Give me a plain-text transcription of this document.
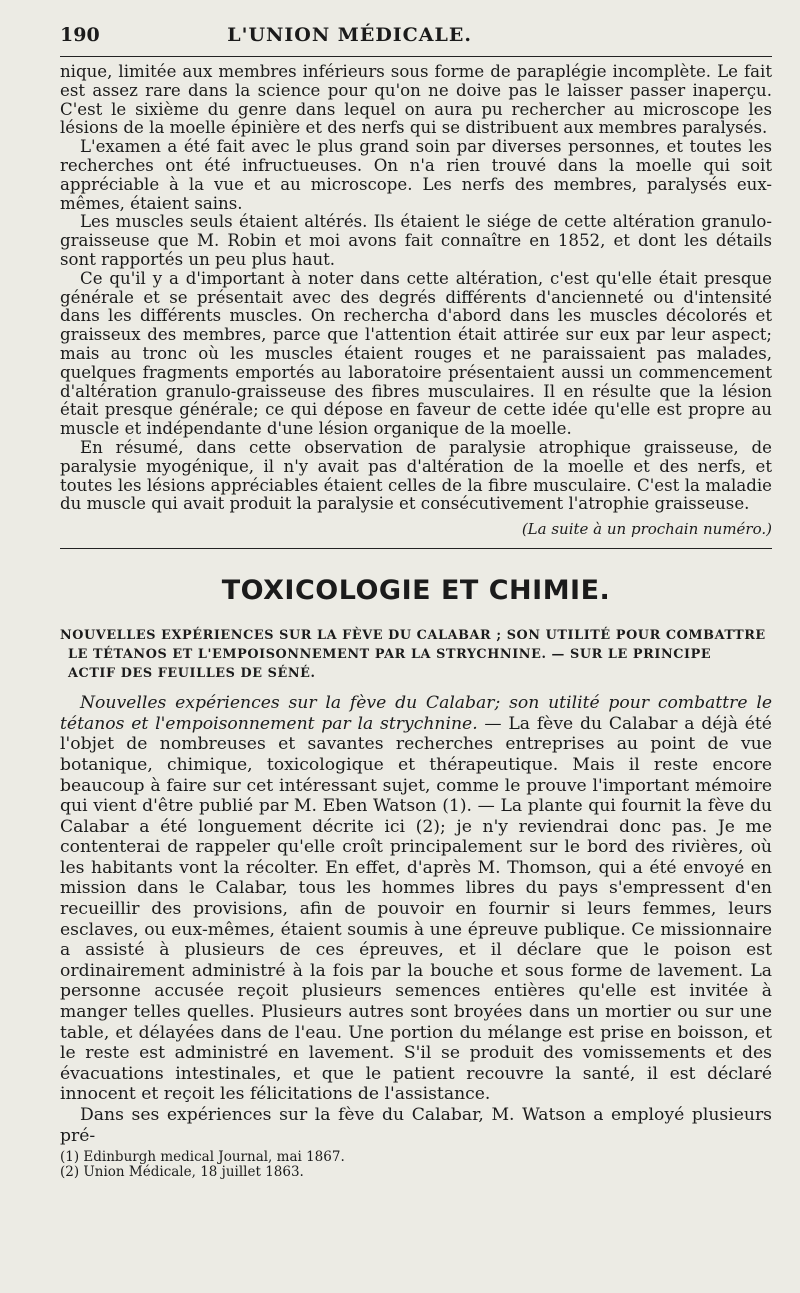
190	L'UNION MÉDICALE.

nique, limitée aux membres inférieurs sous forme de paraplégie incomplète. Le fait est assez rare dans la science pour qu'on ne doive pas le laisser passer inaperçu. C'est le sixième du genre dans lequel on aura pu rechercher au microscope les lésions de la moelle épinière et des nerfs qui se distribuent aux membres paralysés.

L'examen a été fait avec le plus grand soin par diverses personnes, et toutes les recherches ont été infructueuses. On n'a rien trouvé dans la moelle qui soit appréciable à la vue et au microscope. Les nerfs des membres, paralysés eux-mêmes, étaient sains.

Les muscles seuls étaient altérés. Ils étaient le siége de cette altération granulo-graisseuse que M. Robin et moi avons fait connaître en 1852, et dont les détails sont rapportés un peu plus haut.

Ce qu'il y a d'important à noter dans cette altération, c'est qu'elle était presque générale et se présentait avec des degrés différents d'ancienneté ou d'intensité dans les différents muscles. On rechercha d'abord dans les muscles décolorés et graisseux des membres, parce que l'attention était attirée sur eux par leur aspect; mais au tronc où les muscles étaient rouges et ne paraissaient pas malades, quelques fragments emportés au laboratoire présentaient aussi un commencement d'altération granulo-graisseuse des fibres musculaires. Il en résulte que la lésion était presque générale; ce qui dépose en faveur de cette idée qu'elle est propre au muscle et indépendante d'une lésion organique de la moelle.

En résumé, dans cette observation de paralysie atrophique graisseuse, de paralysie myogénique, il n'y avait pas d'altération de la moelle et des nerfs, et toutes les lésions appréciables étaient celles de la fibre musculaire. C'est la maladie du muscle qui avait produit la paralysie et consécutivement l'atrophie graisseuse.

(La suite à un prochain numéro.)
TOXICOLOGIE ET CHIMIE.
NOUVELLES EXPÉRIENCES SUR LA FÈVE DU CALABAR ; SON UTILITÉ POUR COMBATTRE
LE TÉTANOS ET L'EMPOISONNEMENT PAR LA STRYCHNINE. — SUR LE PRINCIPE
ACTIF DES FEUILLES DE SÉNÉ.

Nouvelles expériences sur la fève du Calabar; son utilité pour combattre le tétanos et l'empoisonnement par la strychnine. — La fève du Calabar a déjà été l'objet de nombreuses et savantes recherches entreprises au point de vue botanique, chimique, toxicologique et thérapeutique. Mais il reste encore beaucoup à faire sur cet intéressant sujet, comme le prouve l'important mémoire qui vient d'être publié par M. Eben Watson (1). — La plante qui fournit la fève du Calabar a été longuement décrite ici (2); je n'y reviendrai donc pas. Je me contenterai de rappeler qu'elle croît principalement sur le bord des rivières, où les habitants vont la récolter. En effet, d'après M. Thomson, qui a été envoyé en mission dans le Calabar, tous les hommes libres du pays s'empressent d'en recueillir des provisions, afin de pouvoir en fournir si leurs femmes, leurs esclaves, ou eux-mêmes, étaient soumis à une épreuve publique. Ce missionnaire a assisté à plusieurs de ces épreuves, et il déclare que le poison est ordinairement administré à la fois par la bouche et sous forme de lavement. La personne accusée reçoit plusieurs semences entières qu'elle est invitée à manger telles quelles. Plusieurs autres sont broyées dans un mortier ou sur une table, et délayées dans de l'eau. Une portion du mélange est prise en boisson, et le reste est administré en lavement. S'il se produit des vomissements et des évacuations intestinales, et que le patient recouvre la santé, il est déclaré innocent et reçoit les félicitations de l'assistance.

Dans ses expériences sur la fève du Calabar, M. Watson a employé plusieurs pré-

(1) Edinburgh medical Journal, mai 1867.
(2) Union Médicale, 18 juillet 1863.
